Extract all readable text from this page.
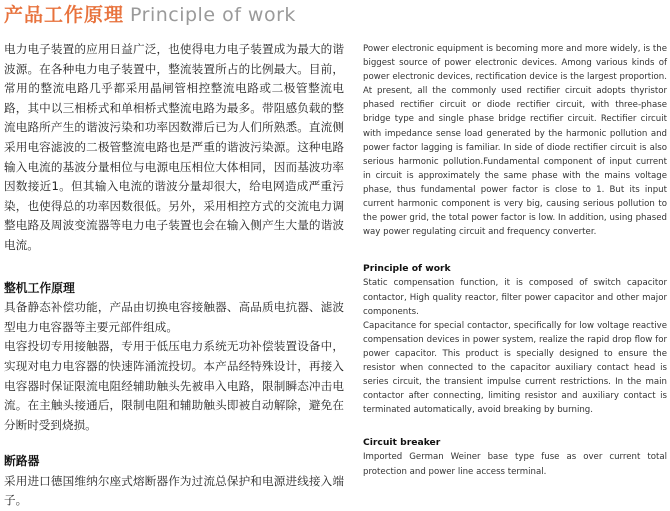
产品工作原理 Principle of work

电力电子装置的应用日益广泛，也使得电力电子装置成为最大的谐波源。在各种电力电子装置中，整流装置所占的比例最大。目前，常用的整流电路几乎都采用晶闸管相控整流电路或二极管整流电路，其中以三相桥式和单相桥式整流电路为最多。带阻感负载的整流电路所产生的谐波污染和功率因数滞后已为人们所熟悉。直流侧采用电容滤波的二极管整流电路也是严重的谐波污染源。这种电路输入电流的基波分量相位与电源电压相位大体相同，因而基波功率因数接近1。但其输入电流的谐波分量却很大，给电网造成严重污染，也使得总的功率因数很低。另外，采用相控方式的交流电力调整电路及周波变流器等电力电子装置也会在输入侧产生大量的谐波电流。

整机工作原理

具备静态补偿功能，产品由切换电容接触器、高品质电抗器、滤波型电力电容器等主要元部件组成。

电容投切专用接触器，专用于低压电力系统无功补偿装置设备中，实现对电力电容器的快速阵涌流投切。本产品经特殊设计，再接入电容器时保证限流电阻经辅助触头先被串入电路，限制瞬态冲击电流。在主触头接通后，限制电阻和辅助触头即被自动解除，避免在分断时受到烧损。

断路器

采用进口德国维纳尔座式熔断器作为过流总保护和电源进线接入端子。

Power electronic equipment is becoming more and more widely, is the biggest source of power electronic devices. Among various kinds of power electronic devices, rectification device is the largest proportion. At present, all the commonly used rectifier circuit adopts thyristor phased rectifier circuit or diode rectifier circuit, with three-phase bridge type and single phase bridge rectifier circuit. Rectifier circuit with impedance sense load generated by the harmonic pollution and power factor lagging is familiar. In side of diode rectifier circuit is also serious harmonic pollution.Fundamental component of input current in circuit is approximately the same phase with the mains voltage phase, thus fundamental power factor is close to 1. But its input current harmonic component is very big, causing serious pollution to the power grid, the total power factor is low. In addition, using phased way power regulating circuit and frequency converter.

Principle of work

Static compensation function, it is composed of switch capacitor contactor, High quality reactor, filter power capacitor and other major components.

Capacitance for special contactor, specifically for low voltage reactive compensation devices in power system, realize the rapid drop flow for power capacitor. This product is specially designed to ensure the resistor when connected to the capacitor auxiliary contact head is series circuit, the transient impulse current restrictions. In the main contactor after connecting, limiting resistor and auxiliary contact is terminated automatically, avoid breaking by burning.

Circuit breaker

Imported German Weiner base type fuse as over current total protection and power line access terminal.
